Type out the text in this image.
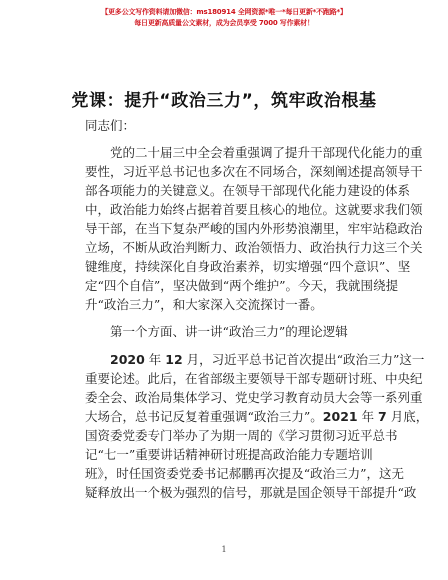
【更多公文写作资料请加微信：ms180914 全网资源*唯一*每日更新*不跑路*】
每日更新高质量公文素材，成为会员享受 7000 写作素材！
党课：提升“政治三力”，筑牢政治根基
同志们：
党的二十届三中全会着重强调了提升干部现代化能力的重
要性，习近平总书记也多次在不同场合，深刻阐述提高领导干
部各项能力的关键意义。在领导干部现代化能力建设的体系
中，政治能力始终占据着首要且核心的地位。这就要求我们领
导干部，在当下复杂严峻的国内外形势浪潮里，牢牢站稳政治
立场，不断从政治判断力、政治领悟力、政治执行力这三个关
键维度，持续深化自身政治素养，切实增强“四个意识”、坚
定“四个自信”，坚决做到“两个维护”。今天，我就围绕提
升“政治三力”，和大家深入交流探讨一番。
第一个方面、讲一讲“政治三力”的理论逻辑
2020 年 12 月，习近平总书记首次提出“政治三力”这一
重要论述。此后，在省部级主要领导干部专题研讨班、中央纪
委全会、政治局集体学习、党史学习教育动员大会等一系列重
大场合，总书记反复着重强调“政治三力”。2021 年 7 月底，
国资委党委专门举办了为期一周的《学习贯彻习近平总书
记“七一”重要讲话精神研讨班提高政治能力专题培训
班》，时任国资委党委书记郝鹏再次提及“政治三力”，这无
疑释放出一个极为强烈的信号，那就是国企领导干部提升“政
1
